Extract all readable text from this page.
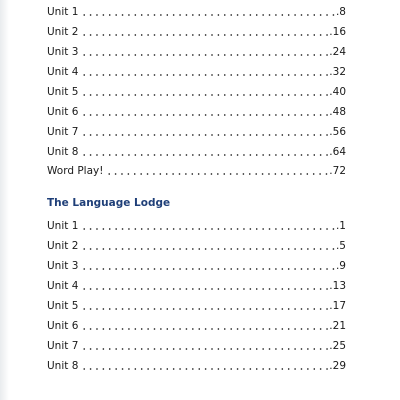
Unit 1	.8
Unit 2	.16
Unit 3	.24
Unit 4	.32
Unit 5	.40
Unit 6	.48
Unit 7	.56
Unit 8	.64
Word Play!	.72
The Language Lodge
Unit 1	.1
Unit 2	.5
Unit 3	.9
Unit 4	.13
Unit 5	.17
Unit 6	.21
Unit 7	.25
Unit 8	.29
